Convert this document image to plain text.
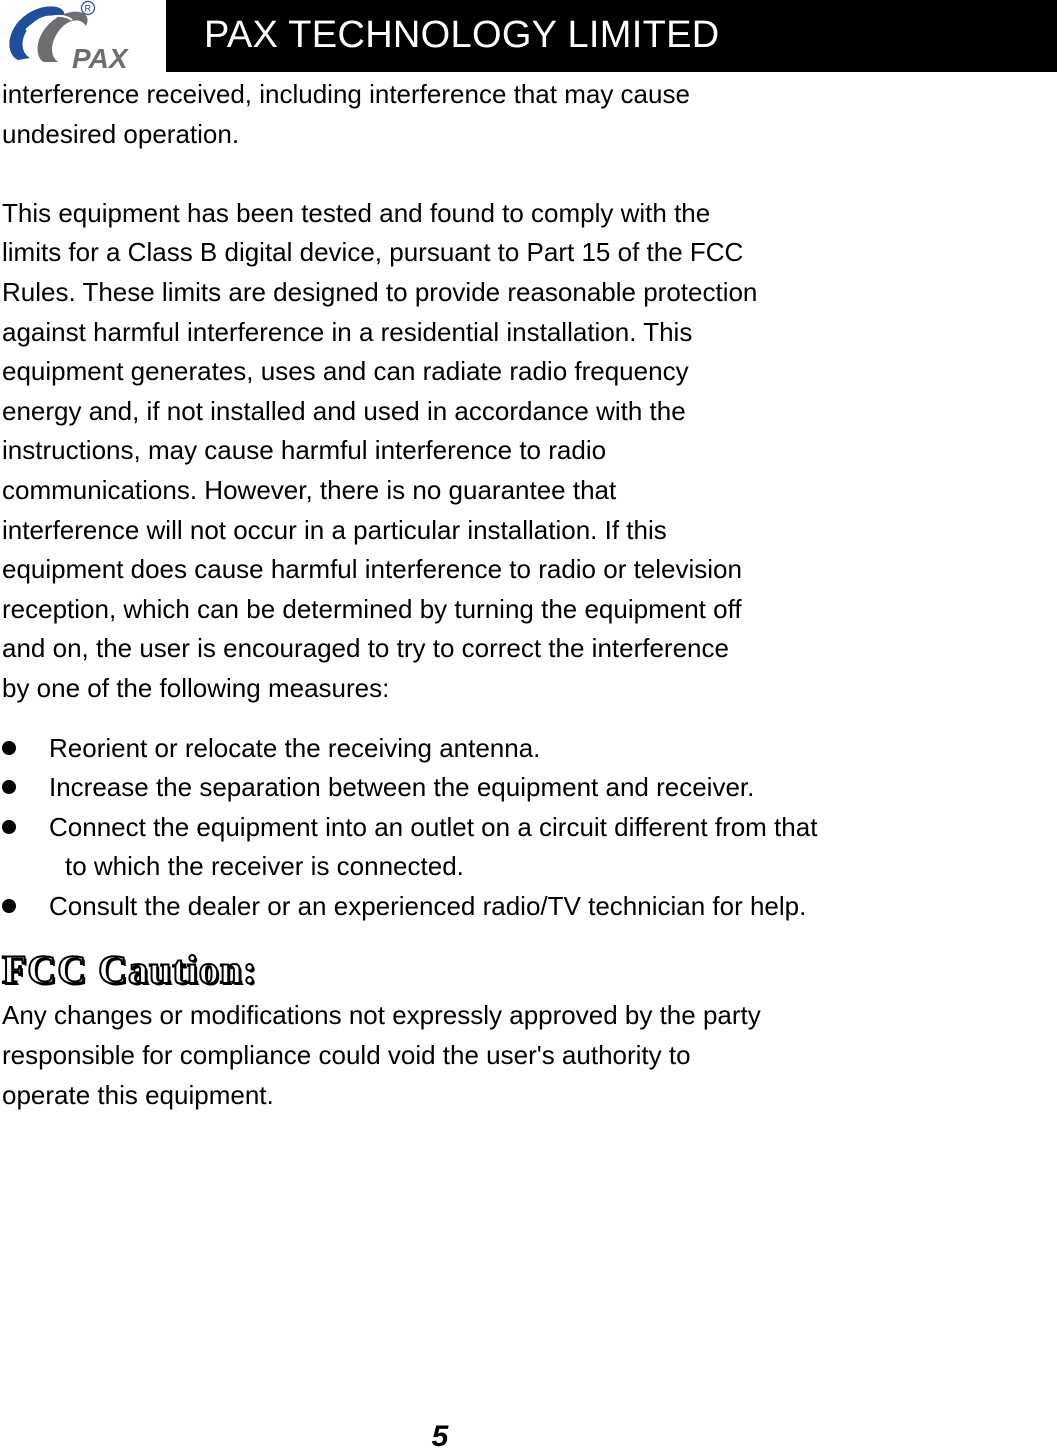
PAX
R
PAX TECHNOLOGY LIMITED

interference received, including interference that may cause
undesired operation.

This equipment has been tested and found to comply with the
limits for a Class B digital device, pursuant to Part 15 of the FCC
Rules. These limits are designed to provide reasonable protection
against harmful interference in a residential installation. This
equipment generates, uses and can radiate radio frequency
energy and, if not installed and used in accordance with the
instructions, may cause harmful interference to radio
communications. However, there is no guarantee that
interference will not occur in a particular installation. If this
equipment does cause harmful interference to radio or television
reception, which can be determined by turning the equipment off
and on, the user is encouraged to try to correct the interference
by one of the following measures:

Reorient or relocate the receiving antenna.
Increase the separation between the equipment and receiver.
Connect the equipment into an outlet on a circuit different from that
to which the receiver is connected.
Consult the dealer or an experienced radio/TV technician for help.
FCC Caution:

Any changes or modifications not expressly approved by the party
responsible for compliance could void the user's authority to
operate this equipment.

5
